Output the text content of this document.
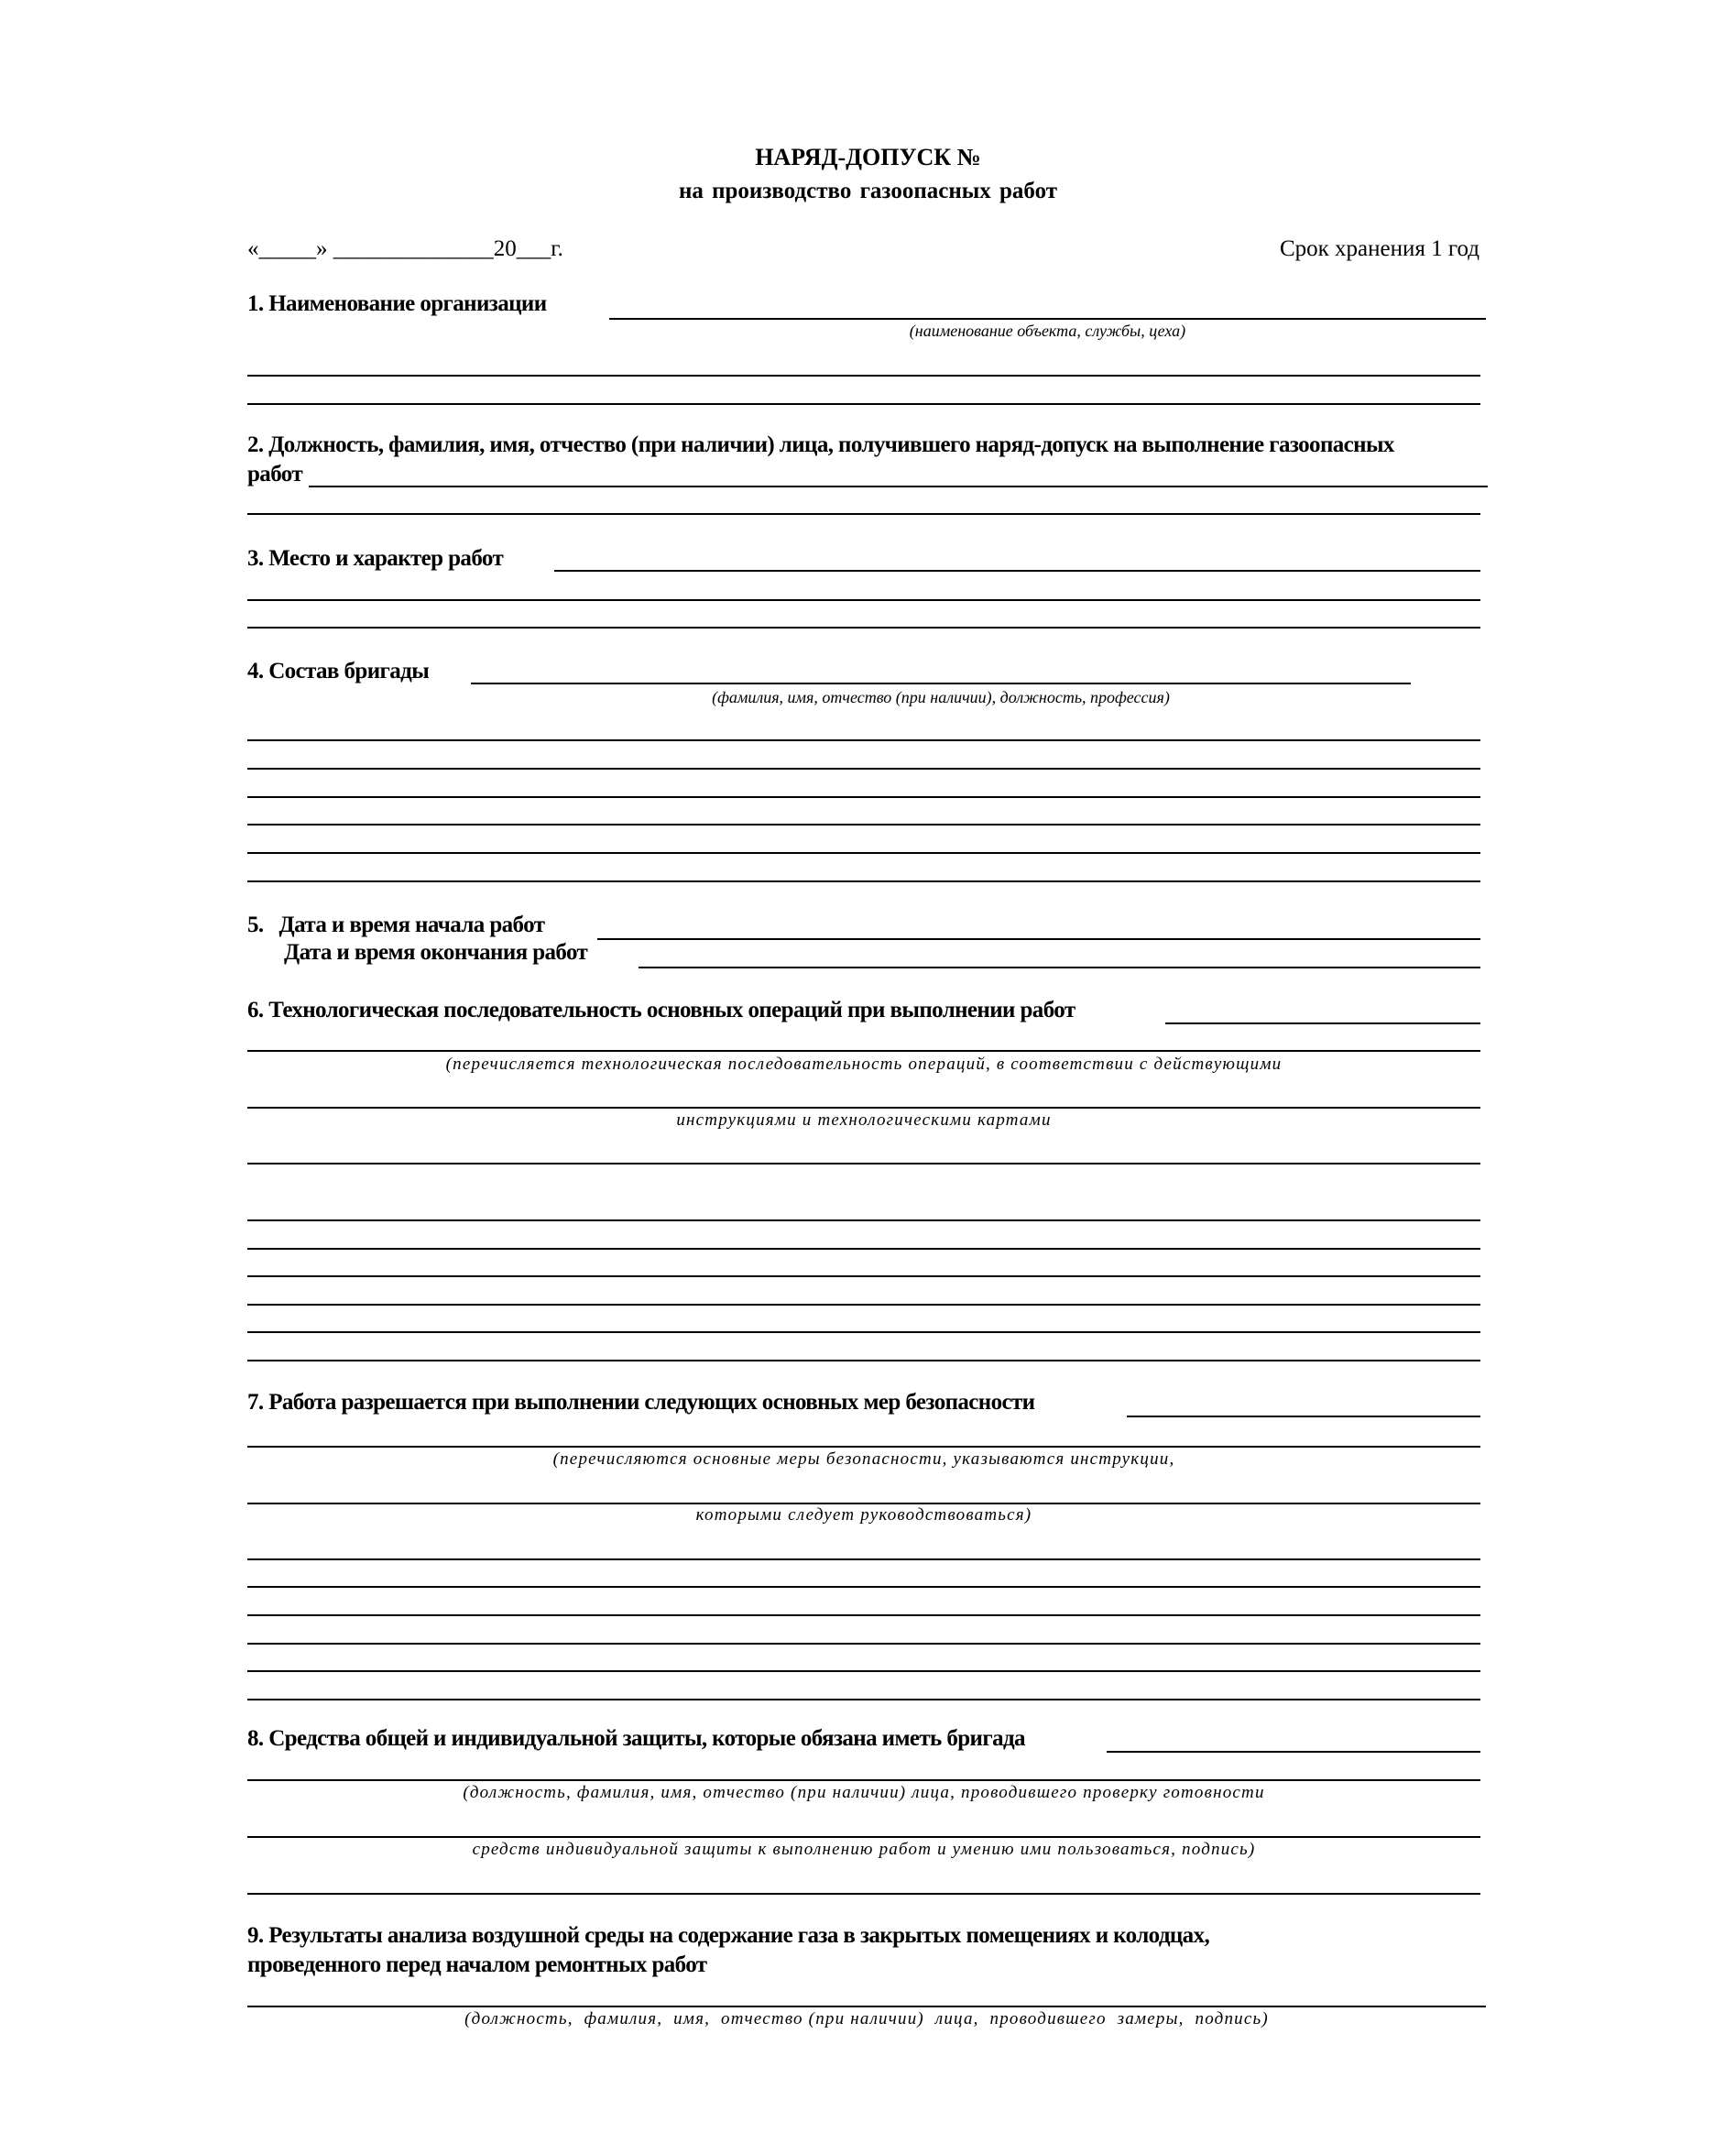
НАРЯД-ДОПУСК №
на производство газоопасных работ
«_____» ______________20___г.	Срок хранения 1 год
1. Наименование организации
(наименование объекта, службы, цеха)
2. Должность, фамилия, имя, отчество (при наличии) лица, получившего наряд-допуск на выполнение газоопасных
работ
3. Место и характер работ
4. Состав бригады
(фамилия, имя, отчество (при наличии), должность, профессия)
5.   Дата и время начала работ
Дата и время окончания работ
6. Технологическая последовательность основных операций при выполнении работ
(перечисляется технологическая последовательность операций, в соответствии с действующими
инструкциями и технологическими картами
7. Работа разрешается при выполнении следующих основных мер безопасности
(перечисляются основные меры безопасности, указываются инструкции,
которыми следует руководствоваться)
8. Средства общей и индивидуальной защиты, которые обязана иметь бригада
(должность, фамилия, имя, отчество (при наличии) лица, проводившего проверку готовности
средств индивидуальной защиты к выполнению работ и умению ими пользоваться, подпись)
9. Результаты анализа воздушной среды на содержание газа в закрытых помещениях и колодцах,
проведенного перед началом ремонтных работ
(должность,  фамилия,  имя,  отчество (при наличии)  лица,  проводившего  замеры,  подпись)
